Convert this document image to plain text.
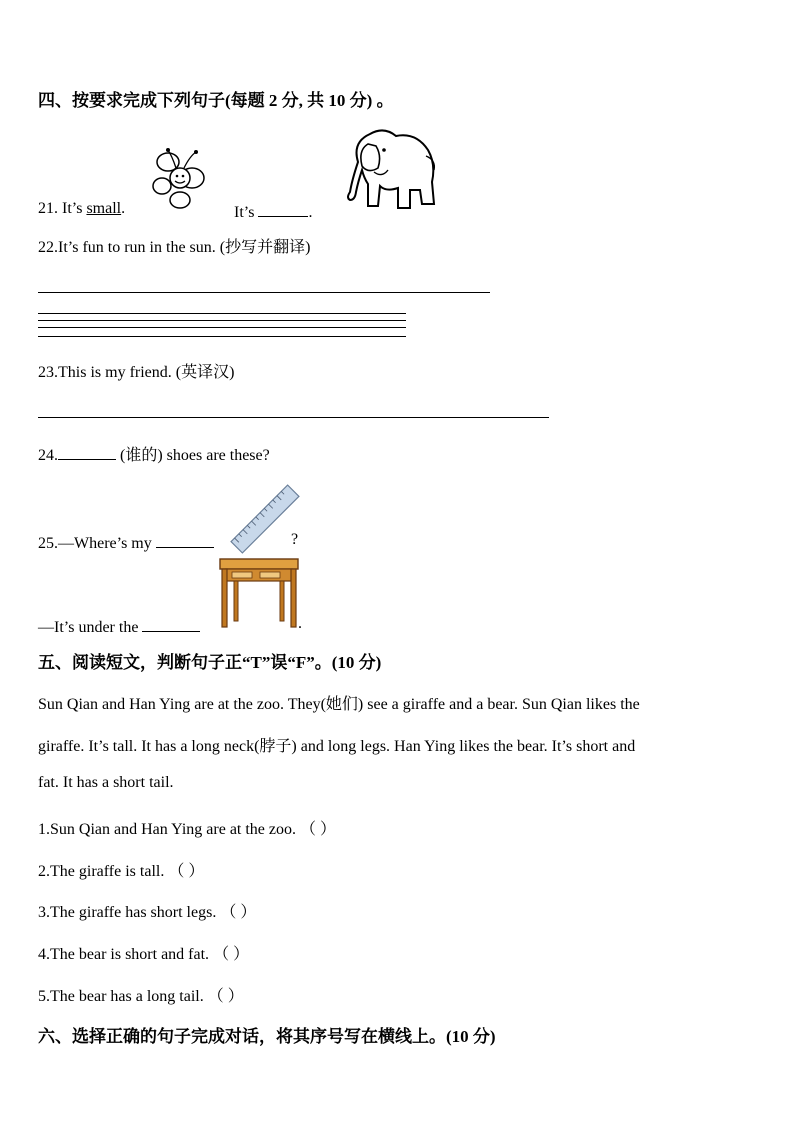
四、按要求完成下列句子(每题 2 分, 共 10 分) 。
21. It’s small.	It’s	.
22.It’s fun to run in the sun. (抄写并翻译)
23.This is my friend. (英译汉)
24.	(谁的) shoes are these?
25.—Where’s my	?
—It’s under the	.
五、阅读短文，判断句子正“T”误“F”。(10 分)
Sun Qian and Han Ying are at the zoo. They(她们) see a giraffe and a bear. Sun Qian likes the
giraffe. It’s tall. It has a long neck(脖子) and long legs. Han Ying likes the bear. It’s short and
fat. It has a short tail.
1.Sun Qian and Han Ying are at the zoo. （ ）
2.The giraffe is tall. （ ）
3.The giraffe has short legs. （ ）
4.The bear is short and fat. （ ）
5.The bear has a long tail. （ ）
六、选择正确的句子完成对话，将其序号写在横线上。(10 分)
